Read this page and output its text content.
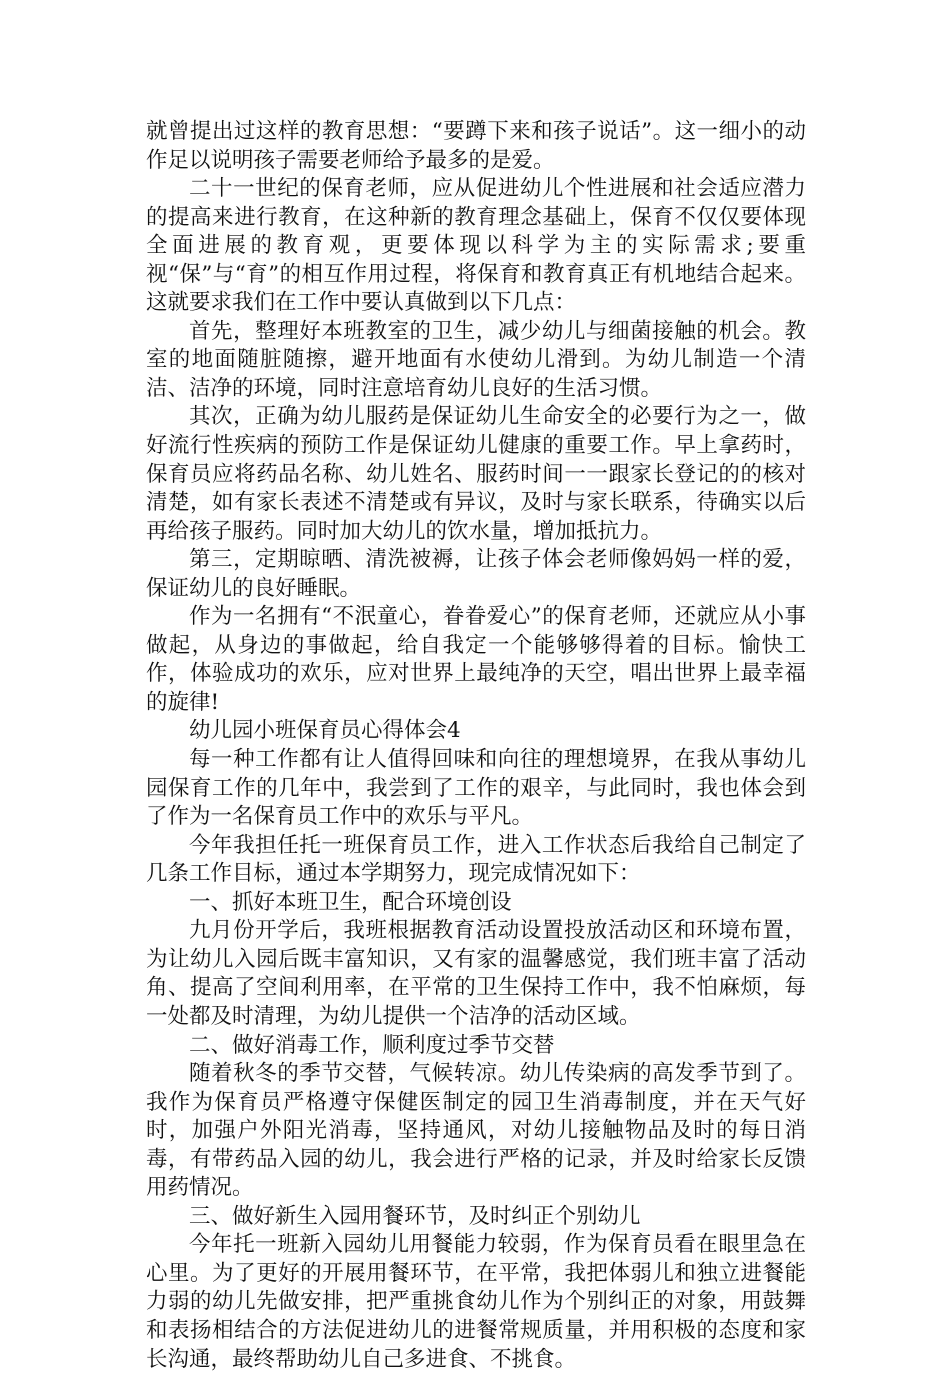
就曾提出过这样的教育思想：“要蹲下来和孩子说话”。这一细小的动作足以说明孩子需要老师给予最多的是爱。

二十一世纪的保育老师，应从促进幼儿个性进展和社会适应潜力的提高来进行教育，在这种新的教育理念基础上，保育不仅仅要体现全面进展的教育观，更要体现以科学为主的实际需求;要重视“保”与“育”的相互作用过程，将保育和教育真正有机地结合起来。这就要求我们在工作中要认真做到以下几点：

首先，整理好本班教室的卫生，减少幼儿与细菌接触的机会。教室的地面随脏随擦，避开地面有水使幼儿滑到。为幼儿制造一个清洁、洁净的环境，同时注意培育幼儿良好的生活习惯。

其次，正确为幼儿服药是保证幼儿生命安全的必要行为之一，做好流行性疾病的预防工作是保证幼儿健康的重要工作。早上拿药时，保育员应将药品名称、幼儿姓名、服药时间一一跟家长登记的的核对清楚，如有家长表述不清楚或有异议，及时与家长联系，待确实以后再给孩子服药。同时加大幼儿的饮水量，增加抵抗力。

第三，定期晾晒、清洗被褥，让孩子体会老师像妈妈一样的爱，保证幼儿的良好睡眠。

作为一名拥有“不泯童心，眷眷爱心”的保育老师，还就应从小事做起，从身边的事做起，给自我定一个能够够得着的目标。愉快工作，体验成功的欢乐，应对世界上最纯净的天空，唱出世界上最幸福的旋律!

幼儿园小班保育员心得体会4

每一种工作都有让人值得回味和向往的理想境界，在我从事幼儿园保育工作的几年中，我尝到了工作的艰辛，与此同时，我也体会到了作为一名保育员工作中的欢乐与平凡。

今年我担任托一班保育员工作，进入工作状态后我给自己制定了几条工作目标，通过本学期努力，现完成情况如下：

一、抓好本班卫生，配合环境创设

九月份开学后，我班根据教育活动设置投放活动区和环境布置，为让幼儿入园后既丰富知识，又有家的温馨感觉，我们班丰富了活动角、提高了空间利用率，在平常的卫生保持工作中，我不怕麻烦，每一处都及时清理，为幼儿提供一个洁净的活动区域。

二、做好消毒工作，顺利度过季节交替

随着秋冬的季节交替，气候转凉。幼儿传染病的高发季节到了。我作为保育员严格遵守保健医制定的园卫生消毒制度，并在天气好时，加强户外阳光消毒，坚持通风，对幼儿接触物品及时的每日消毒，有带药品入园的幼儿，我会进行严格的记录，并及时给家长反馈用药情况。

三、做好新生入园用餐环节，及时纠正个别幼儿

今年托一班新入园幼儿用餐能力较弱，作为保育员看在眼里急在心里。为了更好的开展用餐环节，在平常，我把体弱儿和独立进餐能力弱的幼儿先做安排，把严重挑食幼儿作为个别纠正的对象，用鼓舞和表扬相结合的方法促进幼儿的进餐常规质量，并用积极的态度和家长沟通，最终帮助幼儿自己多进食、不挑食。
